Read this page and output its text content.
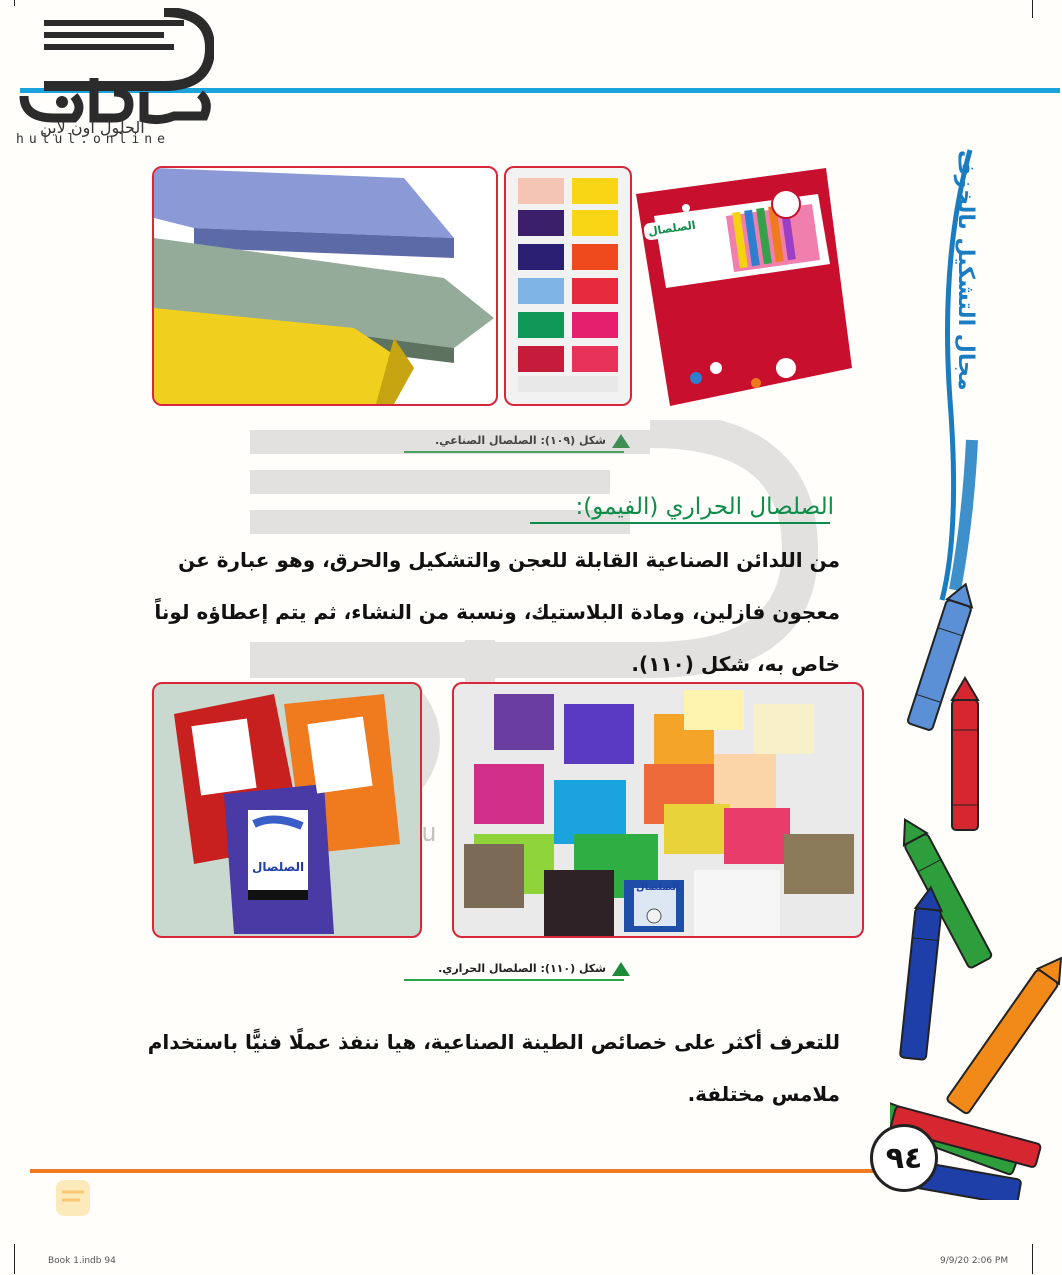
الحلول اون لاين
hulul.online
مجال التشكيل بالخزف
الصلصال
شكل (١٠٩): الصلصال الصناعي.
الصلصال الحراري (الفيمو):
من اللدائن الصناعية القابلة للعجن والتشكيل والحرق، وهو عبارة عن معجون فازلين، ومادة البلاستيك، ونسبة من النشاء، ثم يتم إعطاؤه لوناً خاص به، شكل (١١٠).
الصلصال
الصلصال
شكل (١١٠): الصلصال الحراري.
للتعرف أكثر على خصائص الطينة الصناعية، هيا ننفذ عملًا فنيًّا باستخدام ملامس مختلفة.
٩٤
Book 1.indb 94	9/9/20 2:06 PM
